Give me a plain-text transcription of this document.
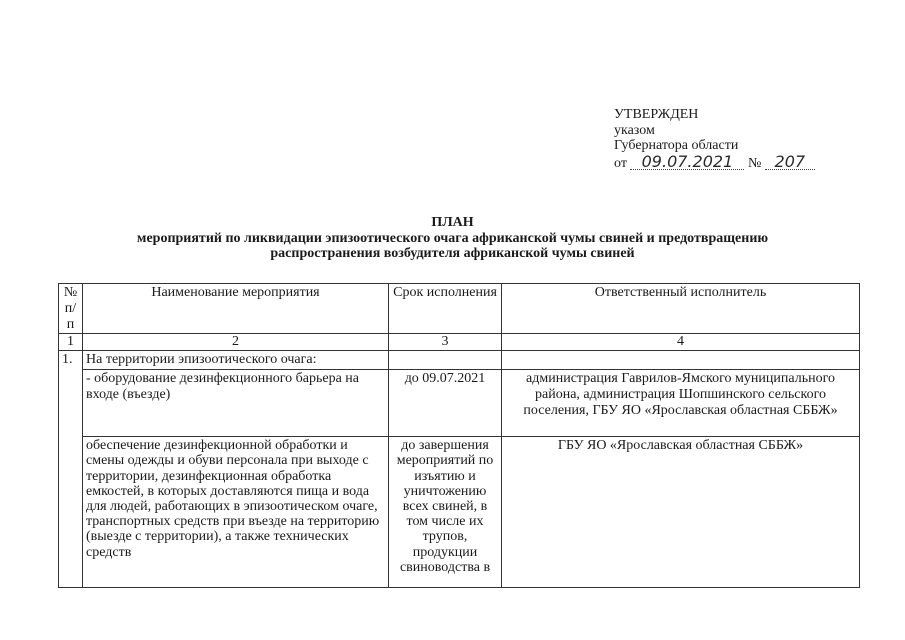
УТВЕРЖДЕН
указом
Губернатора области
от 09.07.2021 № 207
ПЛАН
мероприятий по ликвидации эпизоотического очага африканской чумы свиней и предотвращению
распространения возбудителя африканской чумы свиней
№ п/п	Наименование мероприятия	Срок исполнения	Ответственный исполнитель
1	2	3	4
1.	На территории эпизоотического очага:		
	- оборудование дезинфекционного барьера на входе (въезде)	до 09.07.2021	администрация Гаврилов-Ямского муниципального района, администрация Шопшинского сельского поселения, ГБУ ЯО «Ярославская областная СББЖ»
	обеспечение дезинфекционной обработки и смены одежды и обуви персонала при выходе с территории, дезинфекционная обработка емкостей, в которых доставляются пища и вода для людей, работающих в эпизоотическом очаге, транспортных средств при въезде на территорию (выезде с территории), а также технических средств	до завершения мероприятий по изъятию и уничтожению всех свиней, в том числе их трупов, продукции свиноводства в	ГБУ ЯО «Ярославская областная СББЖ»
